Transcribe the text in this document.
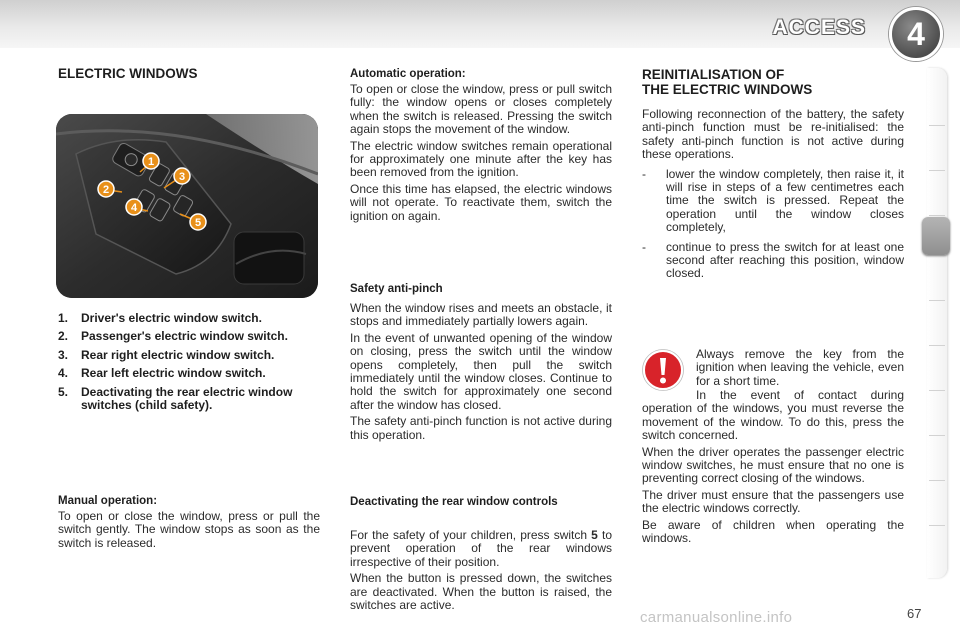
ACCESS	4
ELECTRIC WINDOWS
1
2
3
4
5
1.	Driver's electric window switch.
2.	Passenger's electric window switch.
3.	Rear right electric window switch.
4.	Rear left electric window switch.
5.	Deactivating the rear electric window switches (child safety).
Manual operation:

To open or close the window, press or pull the switch gently. The window stops as soon as the switch is released.

Automatic operation:

To open or close the window, press or pull switch fully: the window opens or closes completely when the switch is released. Pressing the switch again stops the movement of the window.

The electric window switches remain operational for approximately one minute after the key has been removed from the ignition.

Once this time has elapsed, the electric windows will not operate. To reactivate them, switch the ignition on again.

Safety anti-pinch

When the window rises and meets an obstacle, it stops and immediately partially lowers again.

In the event of unwanted opening of the window on closing, press the switch until the window opens completely, then pull the switch immediately until the window closes. Continue to hold the switch for approximately one second after the window has closed.

The safety anti-pinch function is not active during this operation.

Deactivating the rear window controls

For the safety of your children, press switch 5 to prevent operation of the rear windows irrespective of their position.

When the button is pressed down, the switches are deactivated. When the button is raised, the switches are active.

REINITIALISATION OF
THE ELECTRIC WINDOWS

Following reconnection of the battery, the safety anti-pinch function must be re-initialised: the safety anti-pinch function is not active during these operations.

-	lower the window completely, then raise it, it will rise in steps of a few centimetres each time the switch is pressed. Repeat the operation until the window closes completely,
-	continue to press the switch for at least one second after reaching this position, window closed.

Always remove the key from the ignition when leaving the vehicle, even for a short time.

In the event of contact during operation of the windows, you must reverse the movement of the window. To do this, press the switch concerned.

When the driver operates the passenger electric window switches, he must ensure that no one is preventing correct closing of the windows.

The driver must ensure that the passengers use the electric windows correctly.

Be aware of children when operating the windows.

carmanualsonline.info	67
